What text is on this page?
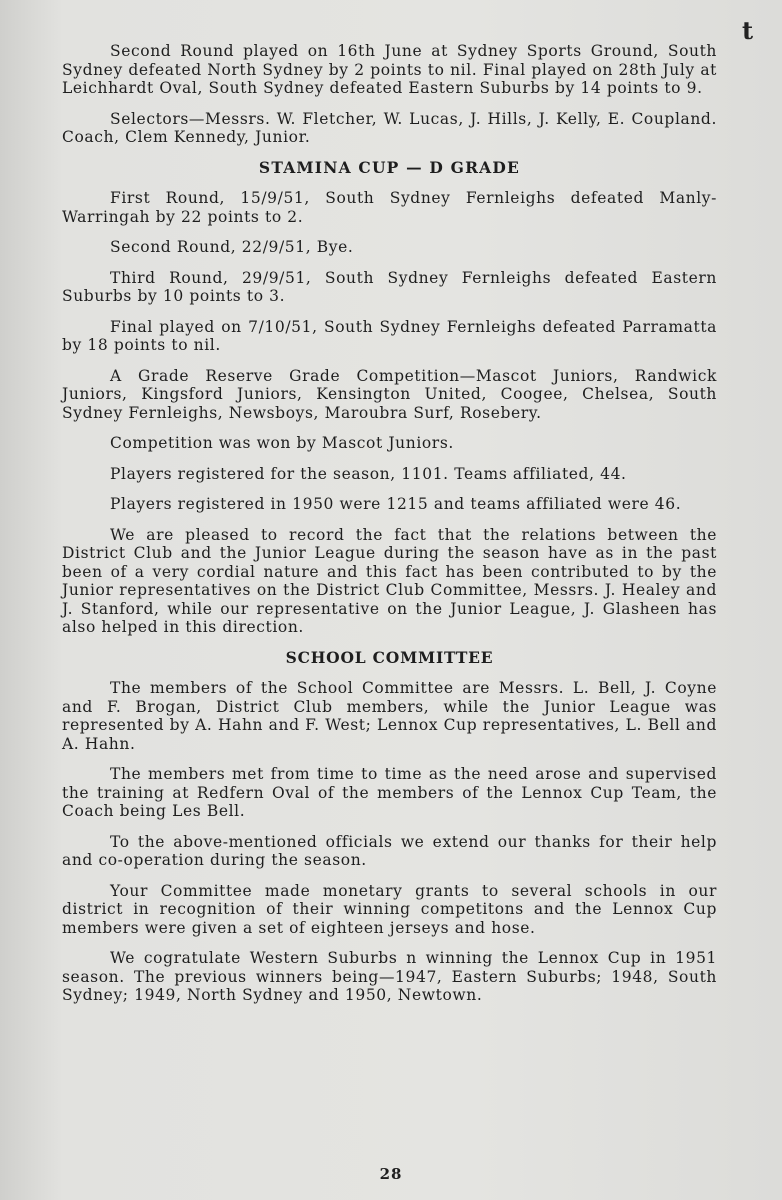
t

Second Round played on 16th June at Sydney Sports Ground, South Sydney defeated North Sydney by 2 points to nil. Final played on 28th July at Leichhardt Oval, South Sydney defeated Eastern Suburbs by 14 points to 9.

Selectors—Messrs. W. Fletcher, W. Lucas, J. Hills, J. Kelly, E. Coupland. Coach, Clem Kennedy, Junior.

STAMINA CUP — D GRADE

First Round, 15/9/51, South Sydney Fernleighs defeated Manly-Warringah by 22 points to 2.

Second Round, 22/9/51, Bye.

Third Round, 29/9/51, South Sydney Fernleighs defeated Eastern Suburbs by 10 points to 3.

Final played on 7/10/51, South Sydney Fernleighs defeated Parramatta by 18 points to nil.

A Grade Reserve Grade Competition—Mascot Juniors, Randwick Juniors, Kingsford Juniors, Kensington United, Coogee, Chelsea, South Sydney Fernleighs, Newsboys, Maroubra Surf, Rosebery.

Competition was won by Mascot Juniors.

Players registered for the season, 1101. Teams affiliated, 44.

Players registered in 1950 were 1215 and teams affiliated were 46.

We are pleased to record the fact that the relations between the District Club and the Junior League during the season have as in the past been of a very cordial nature and this fact has been contributed to by the Junior representatives on the District Club Committee, Messrs. J. Healey and J. Stanford, while our representative on the Junior League, J. Glasheen has also helped in this direction.

SCHOOL COMMITTEE

The members of the School Committee are Messrs. L. Bell, J. Coyne and F. Brogan, District Club members, while the Junior League was represented by A. Hahn and F. West; Lennox Cup representatives, L. Bell and A. Hahn.

The members met from time to time as the need arose and supervised the training at Redfern Oval of the members of the Lennox Cup Team, the Coach being Les Bell.

To the above-mentioned officials we extend our thanks for their help and co-operation during the season.

Your Committee made monetary grants to several schools in our district in recognition of their winning competitons and the Lennox Cup members were given a set of eighteen jerseys and hose.

We cogratulate Western Suburbs n winning the Lennox Cup in 1951 season. The previous winners being—1947, Eastern Suburbs; 1948, South Sydney; 1949, North Sydney and 1950, Newtown.

28
